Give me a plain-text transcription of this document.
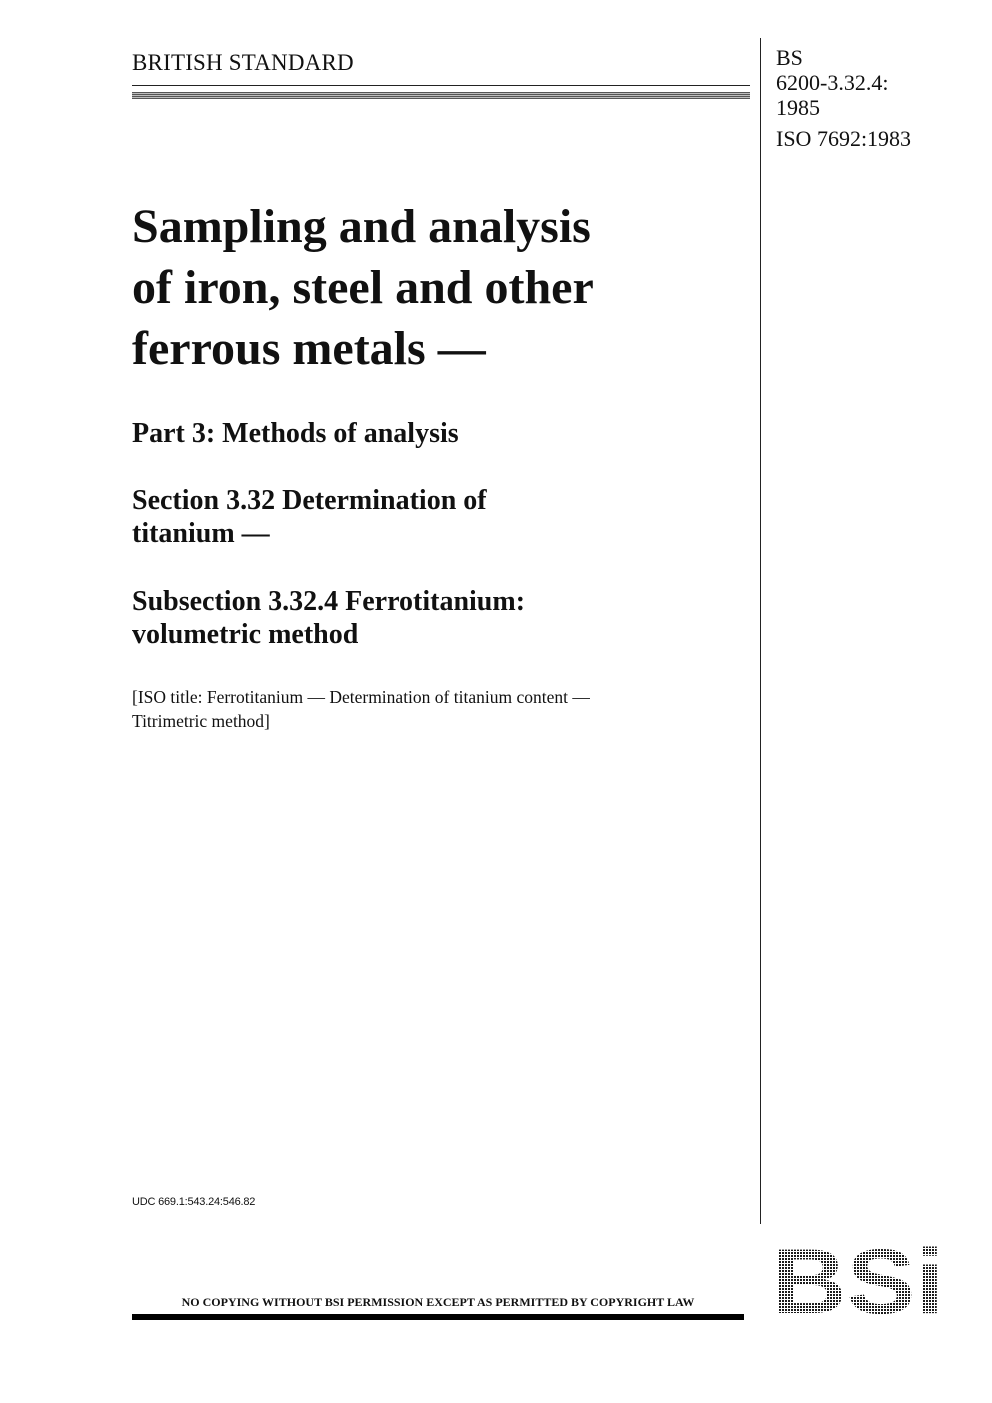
BRITISH STANDARD	BS
6200-3.32.4:
1985
ISO 7692:1983
Sampling and analysis
of iron, steel and other
ferrous metals —
Part 3: Methods of analysis
Section 3.32 Determination of
titanium —
Subsection 3.32.4 Ferrotitanium:
volumetric method
[ISO title: Ferrotitanium — Determination of titanium content —
Titrimetric method]
UDC 669.1:543.24:546.82
NO COPYING WITHOUT BSI PERMISSION EXCEPT AS PERMITTED BY COPYRIGHT LAW
